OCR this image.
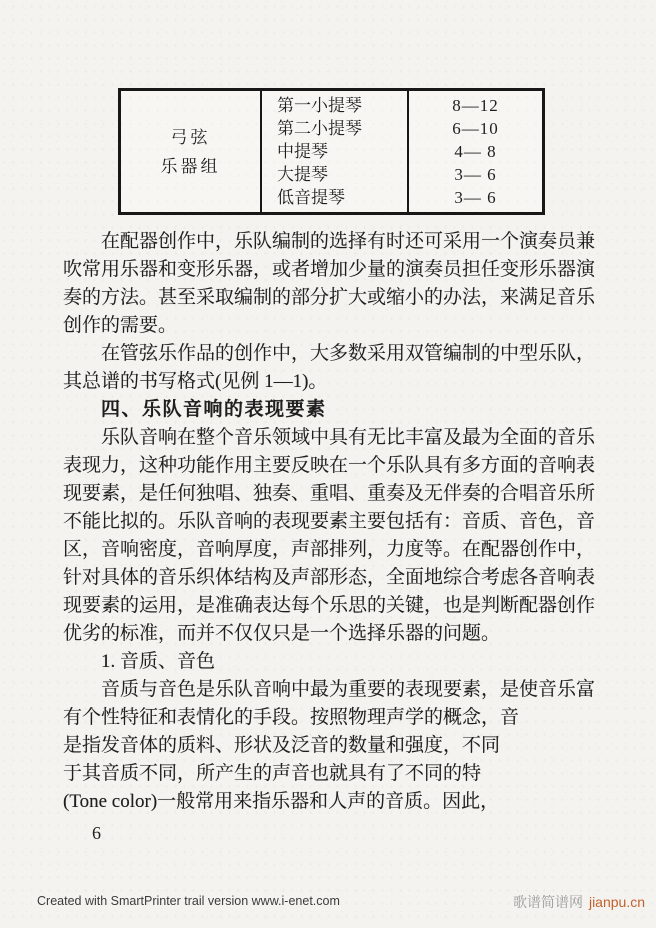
弓弦
乐器组
第一小提琴
第二小提琴
中提琴
大提琴
低音提琴
8—12
6—10
4— 8
3— 6
3— 6
在配器创作中，乐队编制的选择有时还可采用一个演奏员兼
吹常用乐器和变形乐器，或者增加少量的演奏员担任变形乐器演
奏的方法。甚至采取编制的部分扩大或缩小的办法，来满足音乐
创作的需要。
在管弦乐作品的创作中，大多数采用双管编制的中型乐队，
其总谱的书写格式(见例 1—1)。
四、乐队音响的表现要素
乐队音响在整个音乐领域中具有无比丰富及最为全面的音乐
表现力，这种功能作用主要反映在一个乐队具有多方面的音响表
现要素，是任何独唱、独奏、重唱、重奏及无伴奏的合唱音乐所
不能比拟的。乐队音响的表现要素主要包括有：音质、音色，音
区，音响密度，音响厚度，声部排列，力度等。在配器创作中，
针对具体的音乐织体结构及声部形态，全面地综合考虑各音响表
现要素的运用，是准确表达每个乐思的关键，也是判断配器创作
优劣的标准，而并不仅仅只是一个选择乐器的问题。
1. 音质、音色
音质与音色是乐队音响中最为重要的表现要素，是使音乐富
有个性特征和表情化的手段。按照物理声学的概念，音
是指发音体的质料、形状及泛音的数量和强度，不同
于其音质不同，所产生的声音也就具有了不同的特
(Tone color)一般常用来指乐器和人声的音质。因此，
6
Created with SmartPrinter trail version www.i-enet.com	歌谱简谱网 jianpu.cn
